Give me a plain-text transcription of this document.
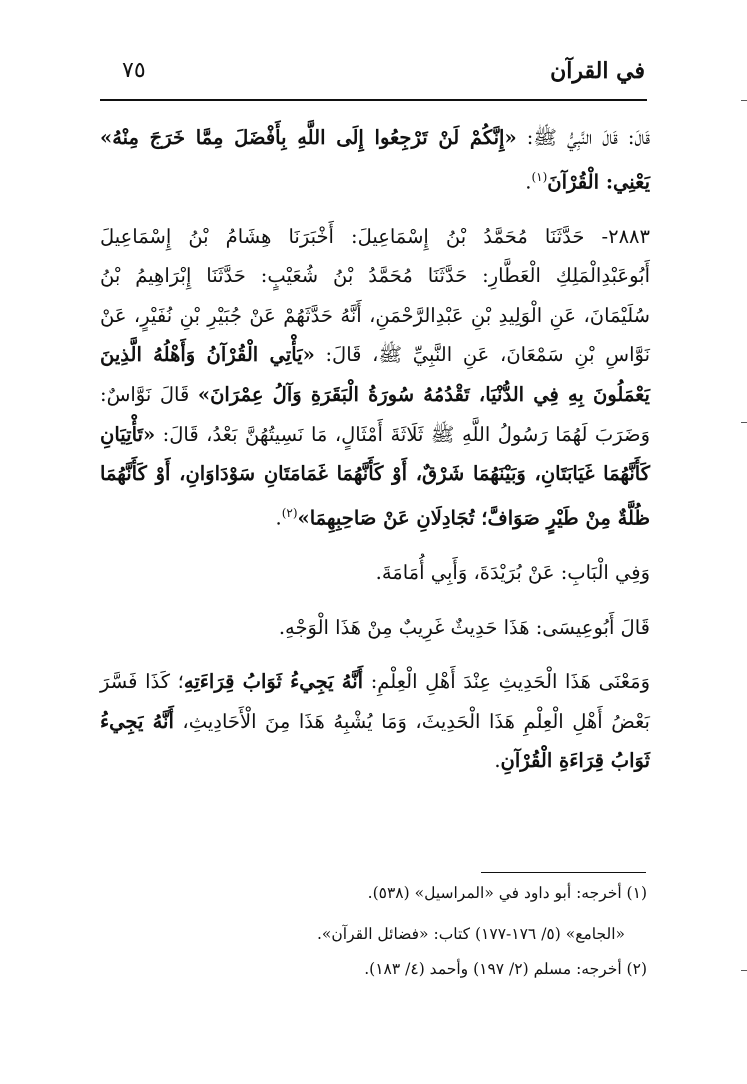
في القرآن
٧٥

قَالَ: قَالَ النَّبِيُّ ﷺ: «إِنَّكُمْ لَنْ تَرْجِعُوا إِلَى اللَّهِ بِأَفْضَلَ مِمَّا خَرَجَ مِنْهُ» يَعْنِي: الْقُرْآنَ$^{(١)}$.

٢٨٨٣- حَدَّثَنَا مُحَمَّدُ بْنُ إِسْمَاعِيلَ: أَخْبَرَنَا هِشَامُ بْنُ إِسْمَاعِيلَ أَبُوعَبْدِالْمَلِكِ الْعَطَّارِ: حَدَّثَنَا مُحَمَّدُ بْنُ شُعَيْبٍ: حَدَّثَنَا إِبْرَاهِيمُ بْنُ سُلَيْمَانَ، عَنِ الْوَلِيدِ بْنِ عَبْدِالرَّحْمَنِ، أَنَّهُ حَدَّثَهُمْ عَنْ جُبَيْرِ بْنِ نُفَيْرٍ، عَنْ نَوَّاسِ بْنِ سَمْعَانَ، عَنِ النَّبِيِّ ﷺ، قَالَ: «يَأْتِي الْقُرْآنُ وَأَهْلُهُ الَّذِينَ يَعْمَلُونَ بِهِ فِي الدُّنْيَا، تَقْدُمُهُ سُورَةُ الْبَقَرَةِ وَآلُ عِمْرَانَ» قَالَ نَوَّاسٌ: وَضَرَبَ لَهُمَا رَسُولُ اللَّهِ ﷺ ثَلَاثَةَ أَمْثَالٍ، مَا نَسِيتُهُنَّ بَعْدُ، قَالَ: «تَأْتِيَانِ كَأَنَّهُمَا غَيَابَتَانِ، وَبَيْنَهُمَا شَرْقٌ، أَوْ كَأَنَّهُمَا غَمَامَتَانِ سَوْدَاوَانِ، أَوْ كَأَنَّهُمَا ظُلَّةٌ مِنْ طَيْرٍ صَوَافَّ؛ تُجَادِلَانِ عَنْ صَاحِبِهِمَا»$^{(٢)}$.

وَفِي الْبَابِ: عَنْ بُرَيْدَةَ، وَأَبِي أُمَامَةَ.

قَالَ أَبُوعِيسَى: هَذَا حَدِيثٌ غَرِيبٌ مِنْ هَذَا الْوَجْهِ.

وَمَعْنَى هَذَا الْحَدِيثِ عِنْدَ أَهْلِ الْعِلْمِ: أَنَّهُ يَجِيءُ ثَوَابُ قِرَاءَتِهِ؛ كَذَا فَسَّرَ بَعْضُ أَهْلِ الْعِلْمِ هَذَا الْحَدِيثَ، وَمَا يُشْبِهُ هَذَا مِنَ الْأَحَادِيثِ، أَنَّهُ يَجِيءُ ثَوَابُ قِرَاءَةِ الْقُرْآنِ.

(١) أخرجه: أبو داود في «المراسيل» (٥٣٨).
«الجامع» (٥/ ١٧٦-١٧٧) كتاب: «فضائل القرآن».
(٢) أخرجه: مسلم (٢/ ١٩٧) وأحمد (٤/ ١٨٣).
